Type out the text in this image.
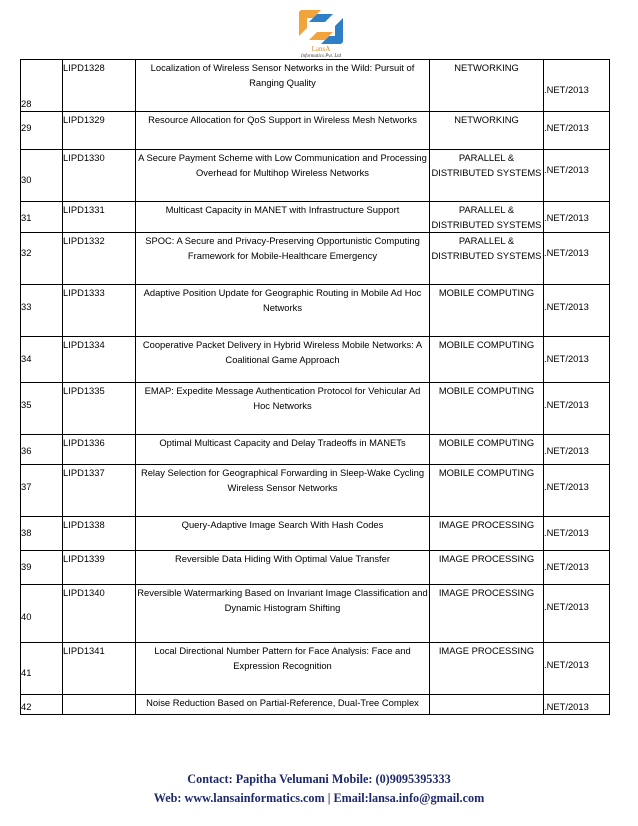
LansA
Informatics Pvt. Ltd
28	LIPD1328	Localization of Wireless Sensor Networks in the Wild: Pursuit of Ranging Quality	NETWORKING	.NET/2013
29	LIPD1329	Resource Allocation for QoS Support in Wireless Mesh Networks	NETWORKING	.NET/2013
30	LIPD1330	A Secure Payment Scheme with Low Communication and Processing Overhead for Multihop Wireless Networks	PARALLEL & DISTRIBUTED SYSTEMS	.NET/2013
31	LIPD1331	Multicast Capacity in MANET with Infrastructure Support	PARALLEL & DISTRIBUTED SYSTEMS	.NET/2013
32	LIPD1332	SPOC: A Secure and Privacy-Preserving Opportunistic Computing Framework for Mobile-Healthcare Emergency	PARALLEL & DISTRIBUTED SYSTEMS	.NET/2013
33	LIPD1333	Adaptive Position Update for Geographic Routing in Mobile Ad Hoc Networks	MOBILE COMPUTING	.NET/2013
34	LIPD1334	Cooperative Packet Delivery in Hybrid Wireless Mobile Networks: A Coalitional Game Approach	MOBILE COMPUTING	.NET/2013
35	LIPD1335	EMAP: Expedite Message Authentication Protocol for Vehicular Ad Hoc Networks	MOBILE COMPUTING	.NET/2013
36	LIPD1336	Optimal Multicast Capacity and Delay Tradeoffs in MANETs	MOBILE COMPUTING	.NET/2013
37	LIPD1337	Relay Selection for Geographical Forwarding in Sleep-Wake Cycling Wireless Sensor Networks	MOBILE COMPUTING	.NET/2013
38	LIPD1338	Query-Adaptive Image Search With Hash Codes	IMAGE PROCESSING	.NET/2013
39	LIPD1339	Reversible Data Hiding With Optimal Value Transfer	IMAGE PROCESSING	.NET/2013
40	LIPD1340	Reversible Watermarking Based on Invariant Image Classification and Dynamic Histogram Shifting	IMAGE PROCESSING	.NET/2013
41	LIPD1341	Local Directional Number Pattern for Face Analysis: Face and Expression Recognition	IMAGE PROCESSING	.NET/2013
42		Noise Reduction Based on Partial-Reference, Dual-Tree Complex		.NET/2013
Contact: Papitha Velumani Mobile: (0)9095395333
Web: www.lansainformatics.com | Email:lansa.info@gmail.com
